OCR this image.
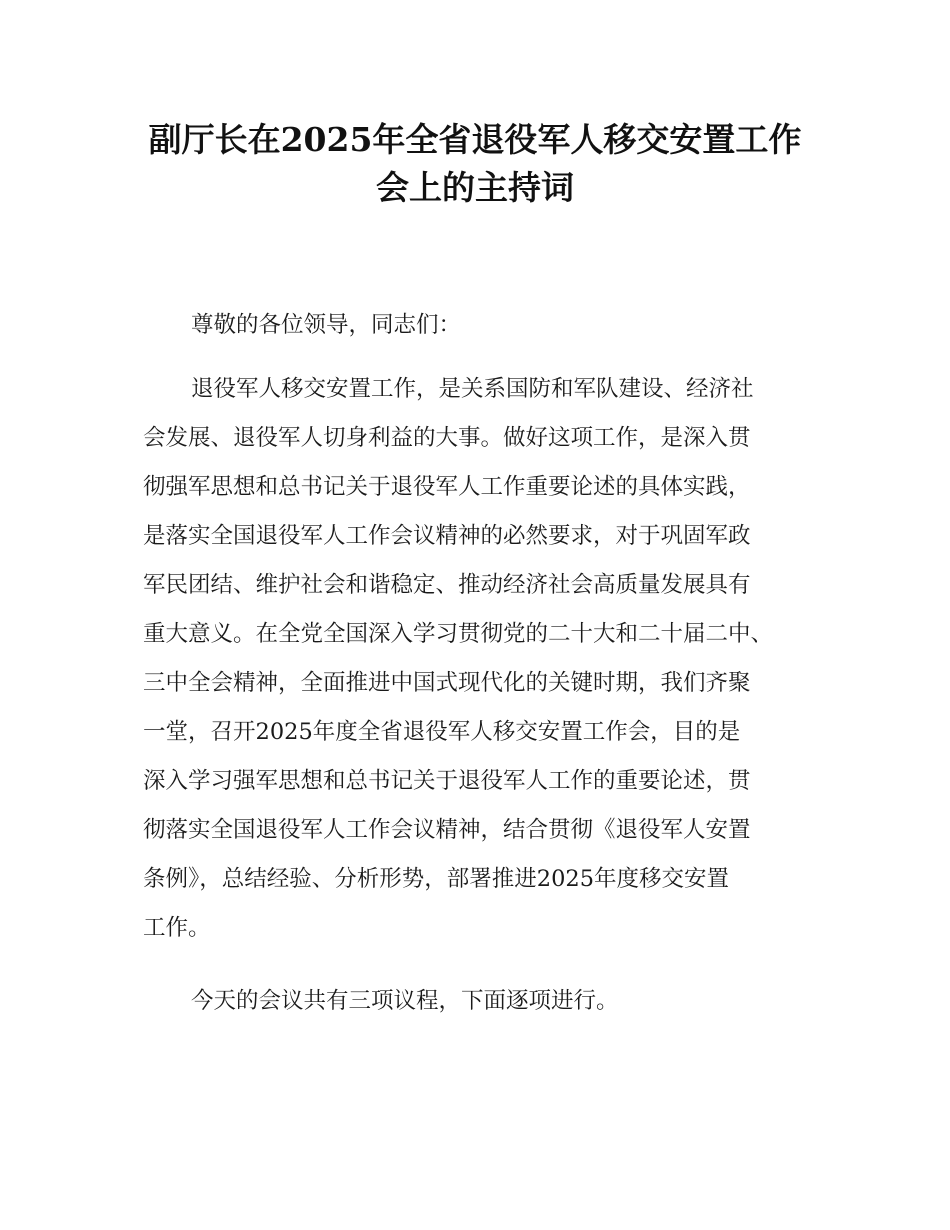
副厅长在2025年全省退役军人移交安置工作
会上的主持词

尊敬的各位领导，同志们：

退役军人移交安置工作，是关系国防和军队建设、经济社
会发展、退役军人切身利益的大事。做好这项工作，是深入贯
彻强军思想和总书记关于退役军人工作重要论述的具体实践，
是落实全国退役军人工作会议精神的必然要求，对于巩固军政
军民团结、维护社会和谐稳定、推动经济社会高质量发展具有
重大意义。在全党全国深入学习贯彻党的二十大和二十届二中、
三中全会精神，全面推进中国式现代化的关键时期，我们齐聚
一堂，召开2025年度全省退役军人移交安置工作会，目的是
深入学习强军思想和总书记关于退役军人工作的重要论述，贯
彻落实全国退役军人工作会议精神，结合贯彻《退役军人安置
条例》，总结经验、分析形势，部署推进2025年度移交安置
工作。

今天的会议共有三项议程，下面逐项进行。
